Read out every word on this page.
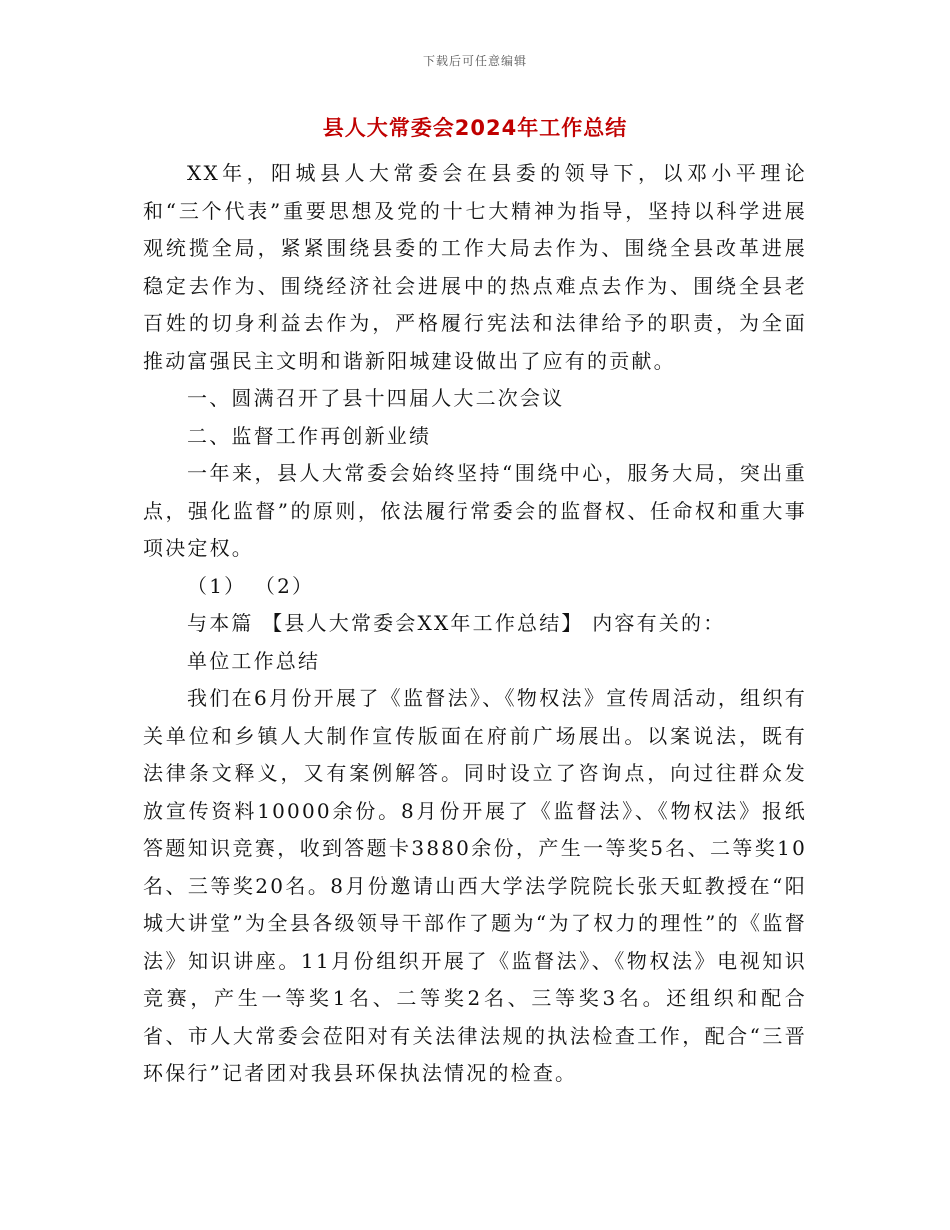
下载后可任意编辑
县人大常委会2024年工作总结

XX年，阳城县人大常委会在县委的领导下，以邓小平理论和“三个代表”重要思想及党的十七大精神为指导，坚持以科学进展观统揽全局，紧紧围绕县委的工作大局去作为、围绕全县改革进展稳定去作为、围绕经济社会进展中的热点难点去作为、围绕全县老百姓的切身利益去作为，严格履行宪法和法律给予的职责，为全面推动富强民主文明和谐新阳城建设做出了应有的贡献。

一、圆满召开了县十四届人大二次会议

二、监督工作再创新业绩

一年来，县人大常委会始终坚持“围绕中心，服务大局，突出重点，强化监督”的原则，依法履行常委会的监督权、任命权和重大事项决定权。

（1） （2）

与本篇 【县人大常委会XX年工作总结】 内容有关的：

单位工作总结

我们在6月份开展了《监督法》、《物权法》宣传周活动，组织有关单位和乡镇人大制作宣传版面在府前广场展出。以案说法，既有法律条文释义，又有案例解答。同时设立了咨询点，向过往群众发放宣传资料10000余份。8月份开展了《监督法》、《物权法》报纸答题知识竞赛，收到答题卡3880余份，产生一等奖5名、二等奖10名、三等奖20名。8月份邀请山西大学法学院院长张天虹教授在“阳城大讲堂”为全县各级领导干部作了题为“为了权力的理性”的《监督法》知识讲座。11月份组织开展了《监督法》、《物权法》电视知识竞赛，产生一等奖1名、二等奖2名、三等奖3名。还组织和配合省、市人大常委会莅阳对有关法律法规的执法检查工作，配合“三晋环保行”记者团对我县环保执法情况的检查。
